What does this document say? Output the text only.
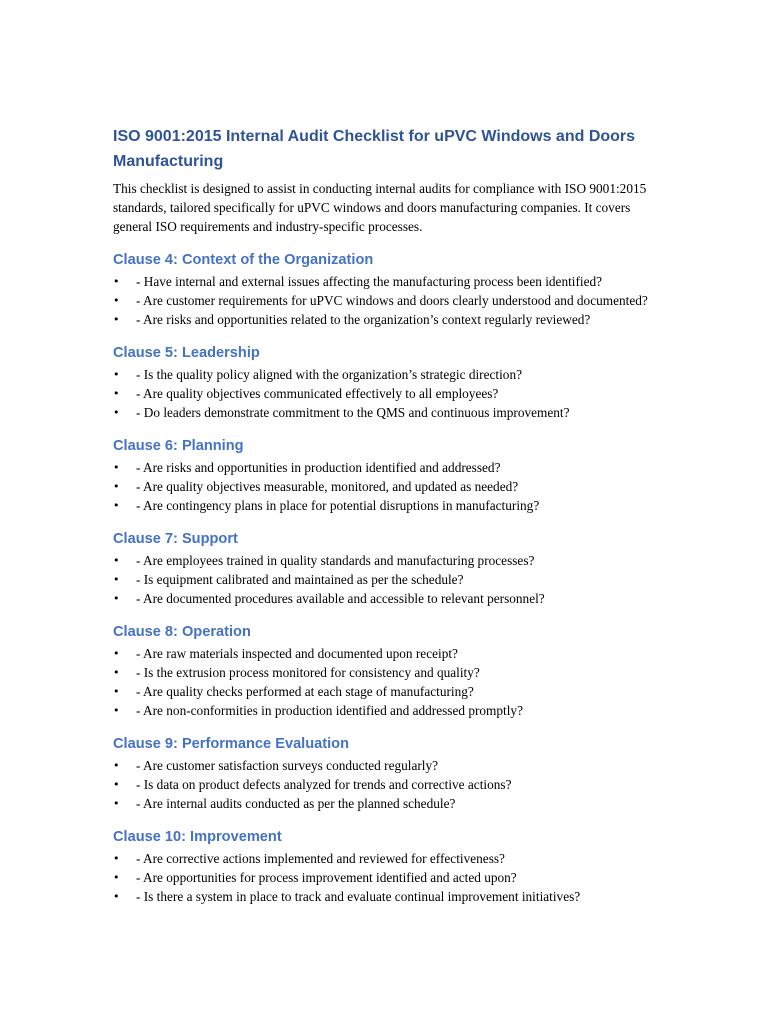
ISO 9001:2015 Internal Audit Checklist for uPVC Windows and Doors Manufacturing

This checklist is designed to assist in conducting internal audits for compliance with ISO 9001:2015 standards, tailored specifically for uPVC windows and doors manufacturing companies. It covers general ISO requirements and industry-specific processes.

Clause 4: Context of the Organization
• - Have internal and external issues affecting the manufacturing process been identified?
• - Are customer requirements for uPVC windows and doors clearly understood and documented?
• - Are risks and opportunities related to the organization’s context regularly reviewed?
Clause 5: Leadership
• - Is the quality policy aligned with the organization’s strategic direction?
• - Are quality objectives communicated effectively to all employees?
• - Do leaders demonstrate commitment to the QMS and continuous improvement?
Clause 6: Planning
• - Are risks and opportunities in production identified and addressed?
• - Are quality objectives measurable, monitored, and updated as needed?
• - Are contingency plans in place for potential disruptions in manufacturing?
Clause 7: Support
• - Are employees trained in quality standards and manufacturing processes?
• - Is equipment calibrated and maintained as per the schedule?
• - Are documented procedures available and accessible to relevant personnel?
Clause 8: Operation
• - Are raw materials inspected and documented upon receipt?
• - Is the extrusion process monitored for consistency and quality?
• - Are quality checks performed at each stage of manufacturing?
• - Are non-conformities in production identified and addressed promptly?
Clause 9: Performance Evaluation
• - Are customer satisfaction surveys conducted regularly?
• - Is data on product defects analyzed for trends and corrective actions?
• - Are internal audits conducted as per the planned schedule?
Clause 10: Improvement
• - Are corrective actions implemented and reviewed for effectiveness?
• - Are opportunities for process improvement identified and acted upon?
• - Is there a system in place to track and evaluate continual improvement initiatives?
